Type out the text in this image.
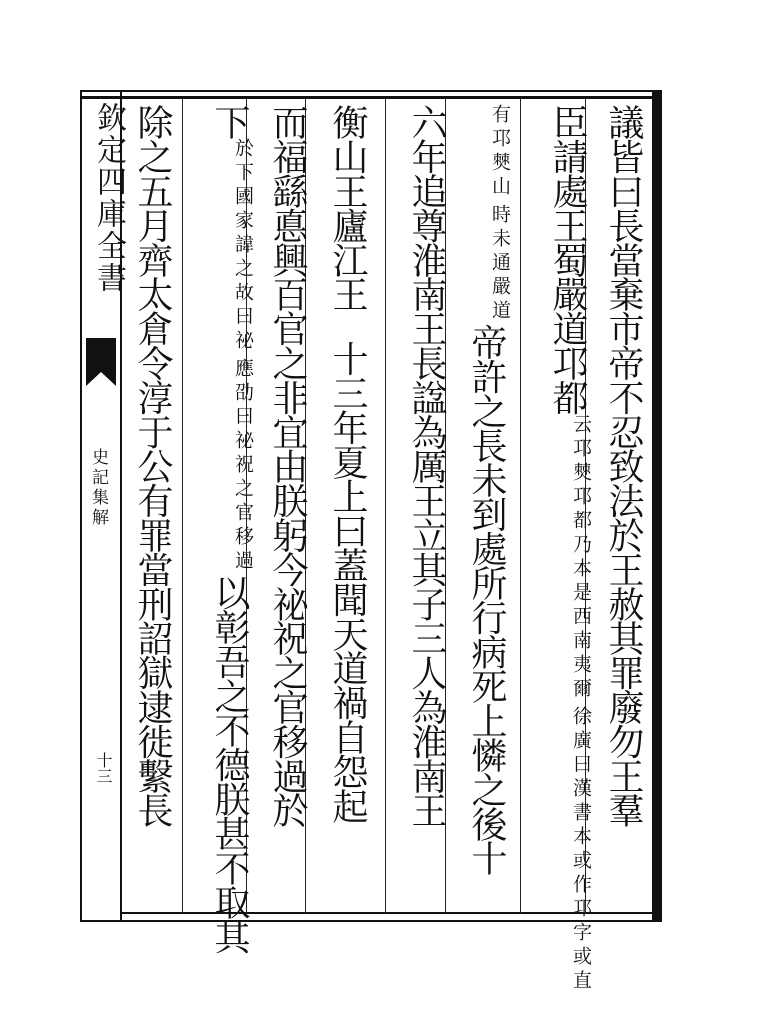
欽定四庫全書
史記集解
十三	議皆曰長當棄市帝不忍致法於王赦其罪廢勿王羣
臣請處王蜀嚴道邛都
徐廣曰漢書本或作邛字或直
云邛僰邛都乃本是西南夷爾
時未通嚴
有邛僰山
道
帝許之長未到處所行病死上憐之後十
六年追尊淮南王長諡為厲王立其子三人為淮南王
衡山王廬江王十三年夏上曰蓋聞天道禍自怨起
而福繇悳興百官之非宜由朕躬今祕祝之官移過於
下
應劭曰祕祝之官移過
於下國家諱之故曰祕
以彰吾之不德朕甚不取其
除之五月齊太倉令淳于公有罪當刑詔獄逮徙繫長
